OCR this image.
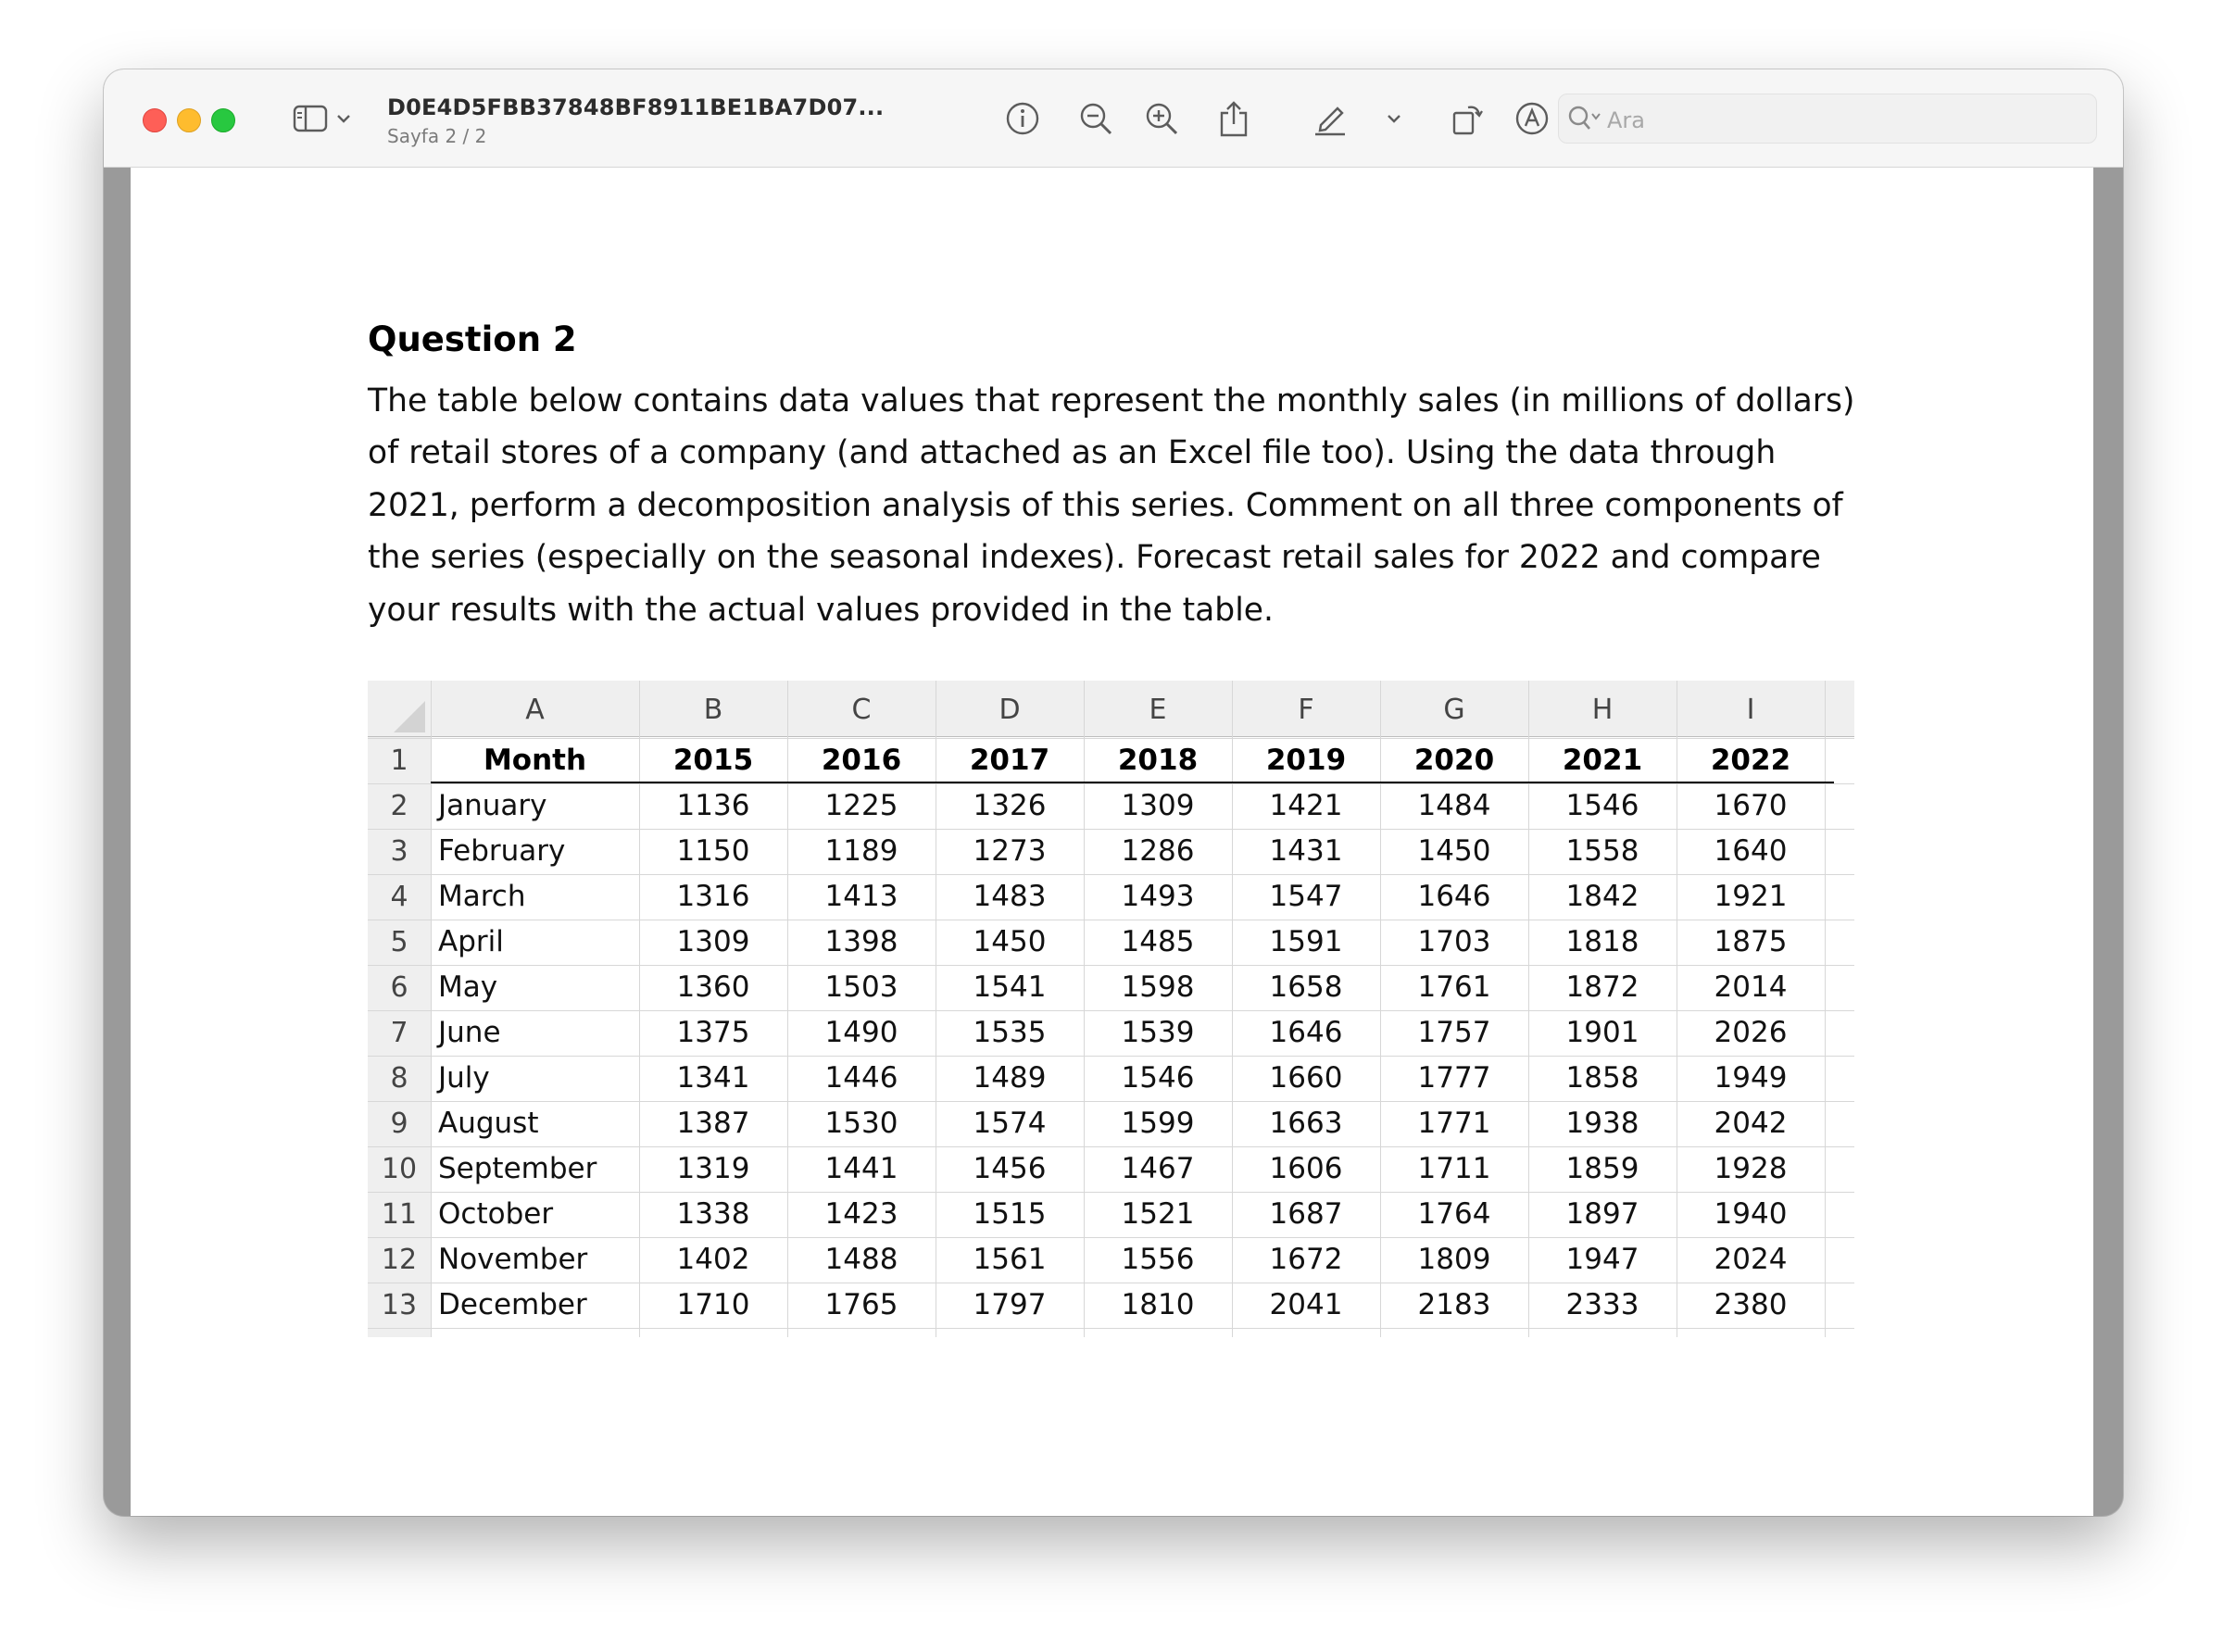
D0E4D5FBB37848BF8911BE1BA7D07...
Sayfa 2 / 2
Ara
Question 2
The table below contains data values that represent the monthly sales (in millions of dollars) of retail stores of a company (and attached as an Excel file too). Using the data through 2021, perform a decomposition analysis of this series. Comment on all three components of the series (especially on the seasonal indexes). Forecast retail sales for 2022 and compare your results with the actual values provided in the table.
A	B	C	D	E	F	G	H	I
1
2
3
4
5
6
7
8
9
10
11
12
13
Month	2015	2016	2017	2018	2019	2020	2021	2022
January	1136	1225	1326	1309	1421	1484	1546	1670
February	1150	1189	1273	1286	1431	1450	1558	1640
March	1316	1413	1483	1493	1547	1646	1842	1921
April	1309	1398	1450	1485	1591	1703	1818	1875
May	1360	1503	1541	1598	1658	1761	1872	2014
June	1375	1490	1535	1539	1646	1757	1901	2026
July	1341	1446	1489	1546	1660	1777	1858	1949
August	1387	1530	1574	1599	1663	1771	1938	2042
September	1319	1441	1456	1467	1606	1711	1859	1928
October	1338	1423	1515	1521	1687	1764	1897	1940
November	1402	1488	1561	1556	1672	1809	1947	2024
December	1710	1765	1797	1810	2041	2183	2333	2380
